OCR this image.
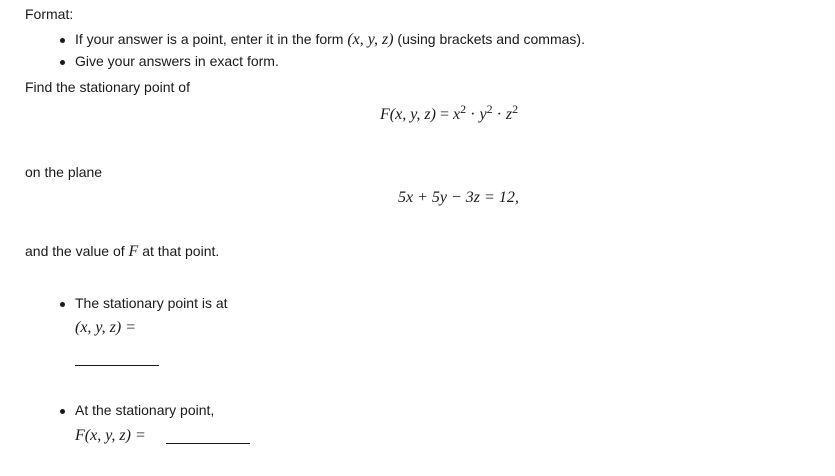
Format:
If your answer is a point, enter it in the form (x, y, z) (using brackets and commas).
Give your answers in exact form.
Find the stationary point of
F(x, y, $z) = x^2 \cdot y^2 \cdot z^2$
on the plane
5x + 5y − 3z = 12,
and the value of F at that point.
The stationary point is at
(x, y, z) =
At the stationary point,
F(x, y, z) =
